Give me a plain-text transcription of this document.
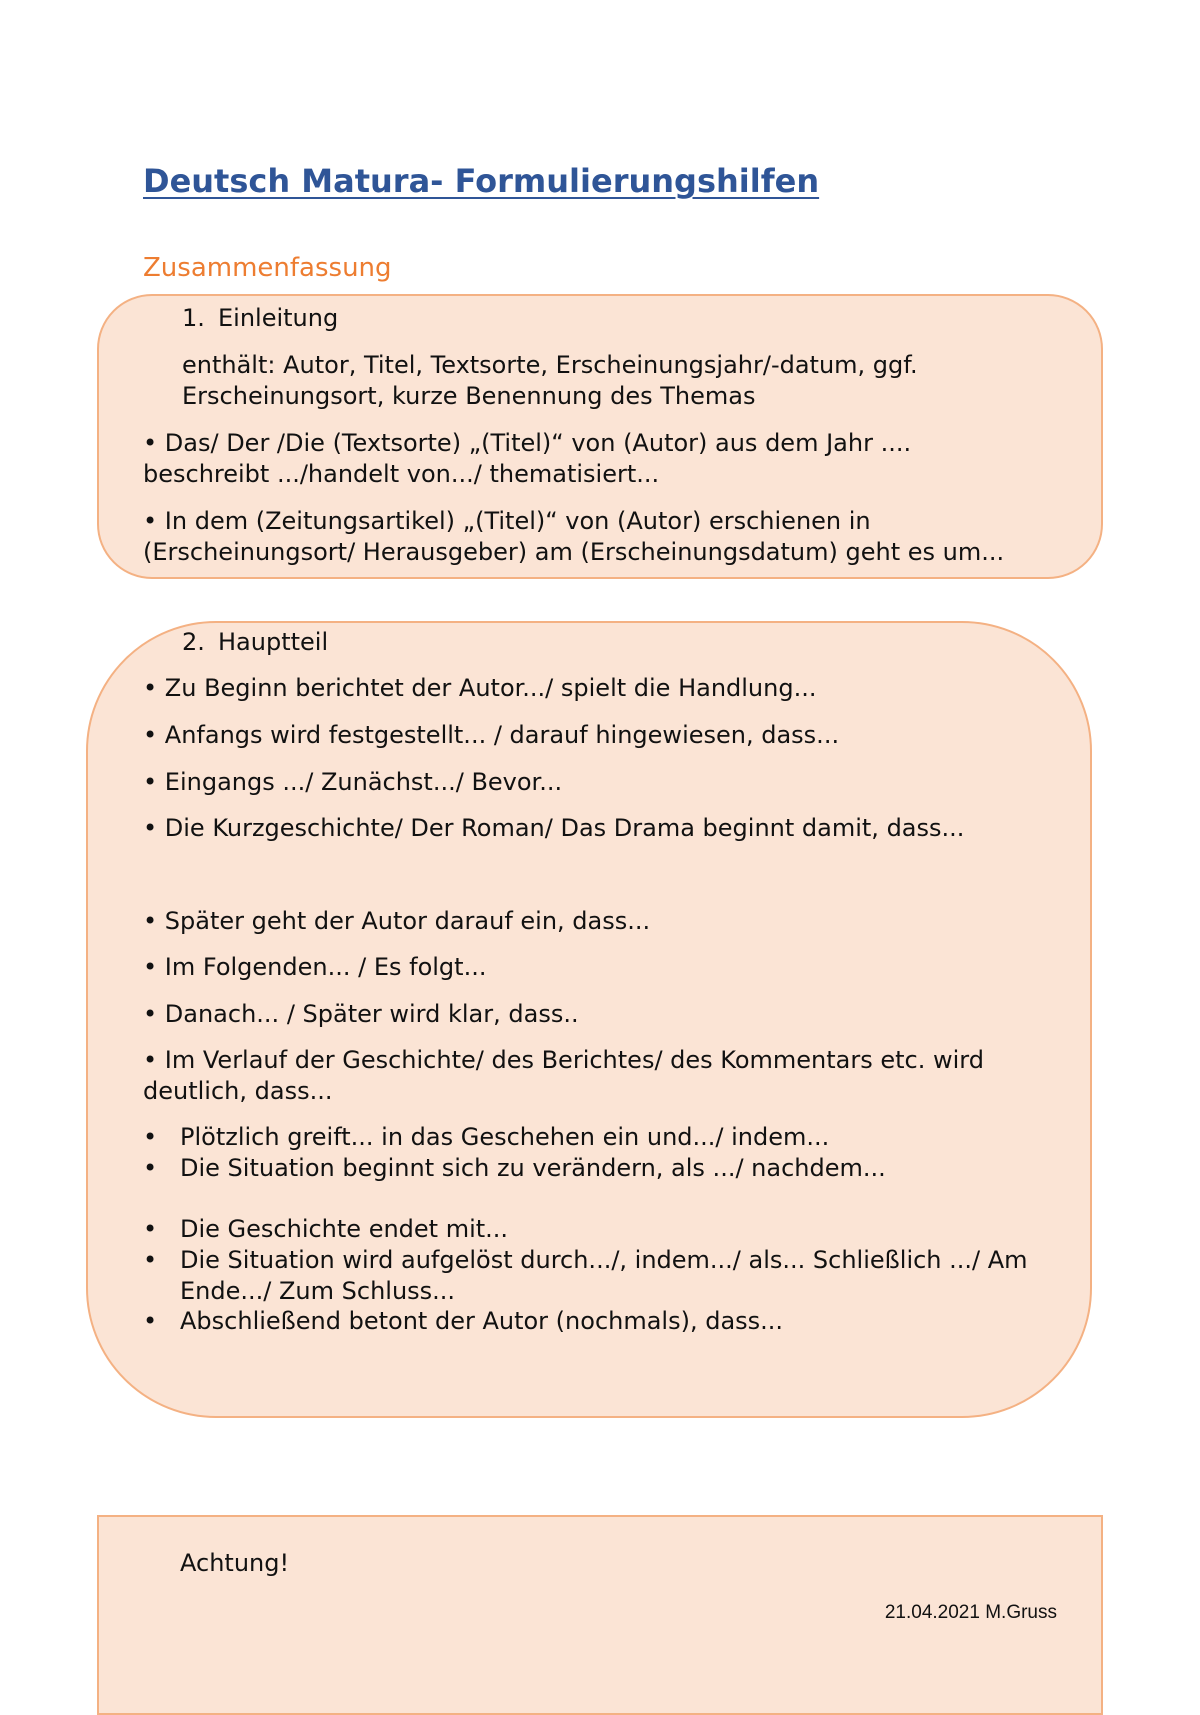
Deutsch Matura- Formulierungshilfen
Zusammenfassung
1. Einleitung
enthält: Autor, Titel, Textsorte, Erscheinungsjahr/-datum, ggf.
Erscheinungsort, kurze Benennung des Themas
• Das/ Der /Die (Textsorte) „(Titel)“ von (Autor) aus dem Jahr ....
beschreibt .../handelt von.../ thematisiert...
• In dem (Zeitungsartikel) „(Titel)“ von (Autor) erschienen in
(Erscheinungsort/ Herausgeber) am (Erscheinungsdatum) geht es um...
2. Hauptteil
• Zu Beginn berichtet der Autor.../ spielt die Handlung...
• Anfangs wird festgestellt... / darauf hingewiesen, dass...
• Eingangs .../ Zunächst.../ Bevor...
• Die Kurzgeschichte/ Der Roman/ Das Drama beginnt damit, dass...
• Später geht der Autor darauf ein, dass...
• Im Folgenden... / Es folgt...
• Danach... / Später wird klar, dass..
• Im Verlauf der Geschichte/ des Berichtes/ des Kommentars etc. wird
deutlich, dass...
• Plötzlich greift... in das Geschehen ein und.../ indem...
• Die Situation beginnt sich zu verändern, als .../ nachdem...
• Die Geschichte endet mit...
• Die Situation wird aufgelöst durch.../, indem.../ als... Schließlich .../ Am
Ende.../ Zum Schluss...
• Abschließend betont der Autor (nochmals), dass...
Achtung!
21.04.2021 M.Gruss
